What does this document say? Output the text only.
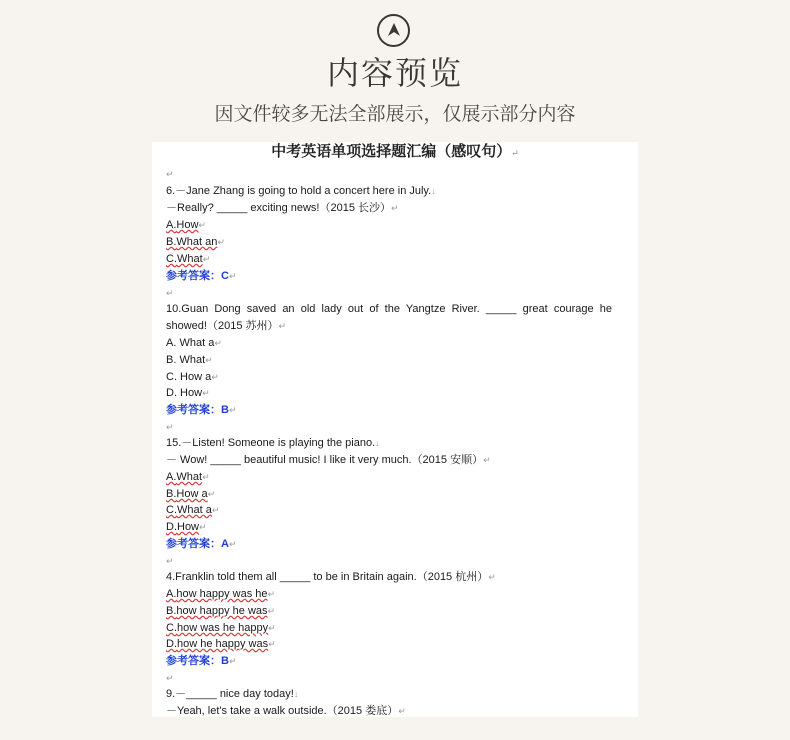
内容预览
因文件较多无法全部展示，仅展示部分内容
中考英语单项选择题汇编（感叹句）↵
↵
6.－Jane Zhang is going to hold a concert here in July.↓
－Really? _____ exciting news!（2015 长沙）↵
A.How↵
B.What an↵
C.What↵
参考答案：C↵
↵
10.Guan Dong saved an old lady out of the Yangtze River. _____ great courage he
showed!（2015 苏州）↵
A. What a↵
B. What↵
C. How a↵
D. How↵
参考答案：B↵
↵
15.－Listen! Someone is playing the piano.↓
－ Wow! _____ beautiful music! I like it very much.（2015 安顺）↵
A.What↵
B.How a↵
C.What a↵
D.How↵
参考答案：A↵
↵
4.Franklin told them all _____ to be in Britain again.（2015 杭州）↵
A.how happy was he↵
B.how happy he was↵
C.how was he happy↵
D.how he happy was↵
参考答案：B↵
↵
9.－_____ nice day today!↓
－Yeah, let's take a walk outside.（2015 娄底）↵
